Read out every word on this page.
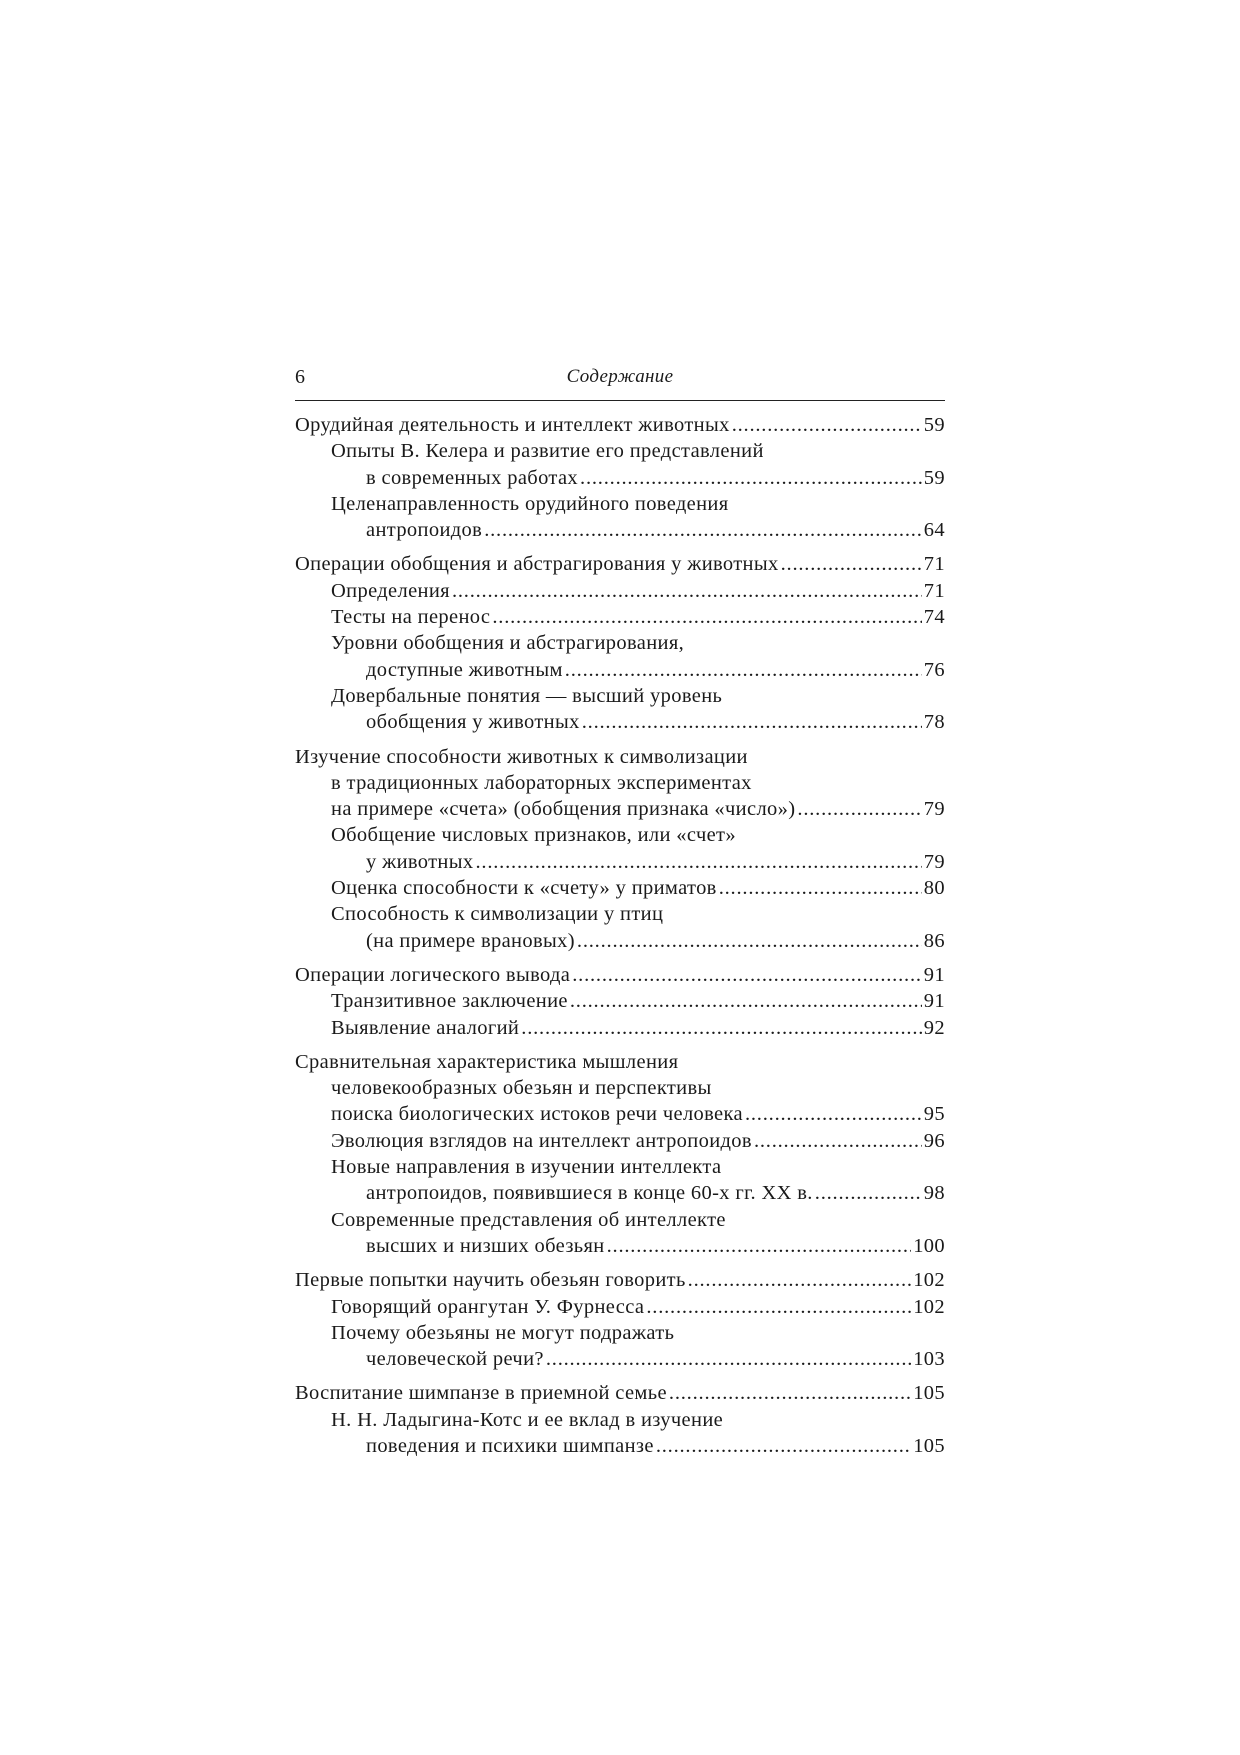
6	Содержание
Орудийная деятельность и интеллект животных .....	59
Опыты В. Келера и развитие его представлений
в современных работах .....	59
Целенаправленность орудийного поведения
антропоидов .....	64
Операции обобщения и абстрагирования у животных .....	71
Определения .....	71
Тесты на перенос .....	74
Уровни обобщения и абстрагирования,
доступные животным .....	76
Довербальные понятия — высший уровень
обобщения у животных .....	78
Изучение способности животных к символизации
в традиционных лабораторных экспериментах
на примере «счета» (обобщения признака «число») .....	79
Обобщение числовых признаков, или «счет»
у животных .....	79
Оценка способности к «счету» у приматов .....	80
Способность к символизации у птиц
(на примере врановых) .....	86
Операции логического вывода .....	91
Транзитивное заключение .....	91
Выявление аналогий .....	92
Сравнительная характеристика мышления
человекообразных обезьян и перспективы
поиска биологических истоков речи человека .....	95
Эволюция взглядов на интеллект антропоидов .....	96
Новые направления в изучении интеллекта
антропоидов, появившиеся в конце 60-х гг. XX в. .....	98
Современные представления об интеллекте
высших и низших обезьян .....	100
Первые попытки научить обезьян говорить .....	102
Говорящий орангутан У. Фурнесса .....	102
Почему обезьяны не могут подражать
человеческой речи? .....	103
Воспитание шимпанзе в приемной семье .....	105
Н. Н. Ладыгина-Котс и ее вклад в изучение
поведения и психики шимпанзе .....	105
